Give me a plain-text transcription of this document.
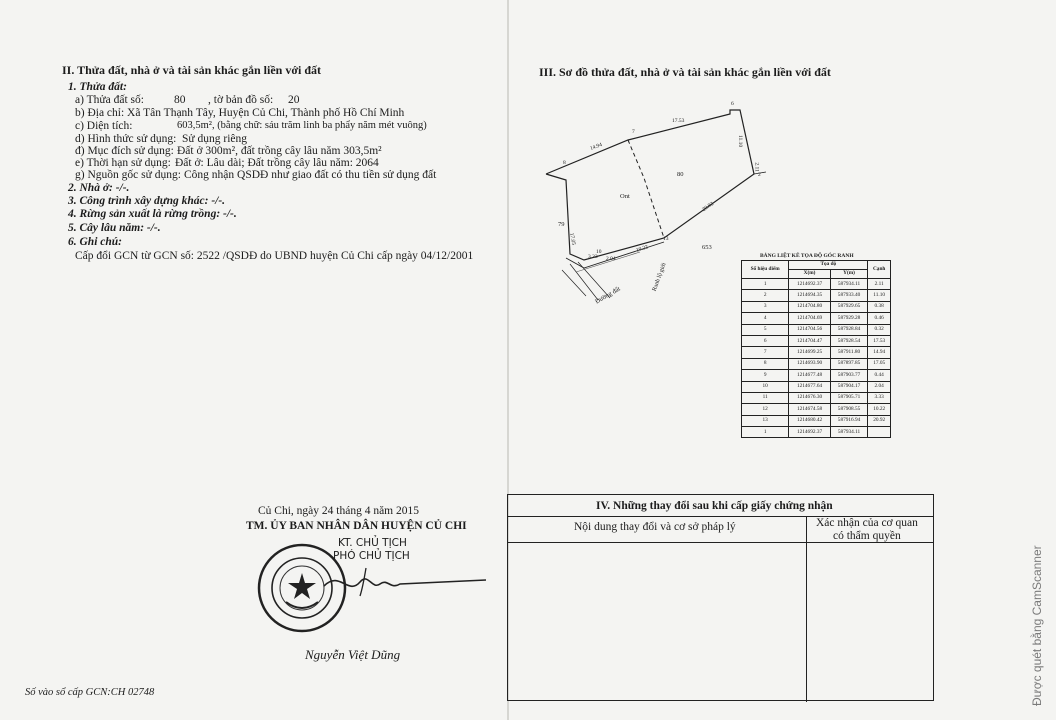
II. Thửa đất, nhà ở và tài sản khác gắn liền với đất
1. Thửa đất:
a) Thửa đất số:	80 , tờ bản đồ số: 20
b) Địa chỉ: Xã Tân Thạnh Tây, Huyện Củ Chi, Thành phố Hồ Chí Minh
c) Diện tích:	603,5m², (bằng chữ: sáu trăm linh ba phẩy năm mét vuông)
d) Hình thức sử dụng: Sử dụng riêng
đ) Mục đích sử dụng: Đất ở 300m², đất trồng cây lâu năm 303,5m²
e) Thời hạn sử dụng: Đất ở: Lâu dài; Đất trồng cây lâu năm: 2064
g) Nguồn gốc sử dụng: Công nhận QSDĐ như giao đất có thu tiền sử dụng đất
2. Nhà ở: -/-.
3. Công trình xây dựng khác: -/-.
4. Rừng sản xuất là rừng trồng: -/-.
5. Cây lâu năm: -/-.
6. Ghi chú:
Cấp đổi GCN từ GCN số: 2522 /QSDĐ do UBND huyện Củ Chi cấp ngày 04/12/2001
Củ Chi, ngày 24 tháng 4 năm 2015
TM. ỦY BAN NHÂN DÂN HUYỆN CỦ CHI
KT. CHỦ TỊCH
PHÓ CHỦ TỊCH
Nguyễn Việt Dũng
Số vào sổ cấp GCN:CH 02748
III. Sơ đồ thửa đất, nhà ở và tài sản khác gắn liền với đất
80
Ont
79
653
Đường đất
Ranh lộ giới
17.53
14.94	11.10
2.11
20.92
10.22
17.05
3.33 2.04
6
7
8
10
13
2
BẢNG LIỆT KÊ TỌA ĐỘ GÓC RANH
Số hiệu điểm	Tọa độ		Cạnh
	X(m)	Y(m)	
1	1214692.37	587934.11	2.11
2	1214694.35	587933.40	11.10
3	1214704.80	587929.65	0.38
4	1214704.69	587929.28	0.46
5	1214704.56	587928.84	0.32
6	1214704.47	587928.54	17.53
7	1214699.25	587911.80	14.94
8	1214693.90	587897.85	17.05
9	1214677.48	587903.77	0.44
10	1214677.64	587904.17	2.04
11	1214676.30	587905.71	3.33
12	1214674.58	587908.55	10.22
13	1214680.42	587916.94	20.92
1	1214692.37	587934.11	
IV. Những thay đổi sau khi cấp giấy chứng nhận
Nội dung thay đổi và cơ sở pháp lý	Xác nhận của cơ quan
có thẩm quyền
Được quét bằng CamScanner
